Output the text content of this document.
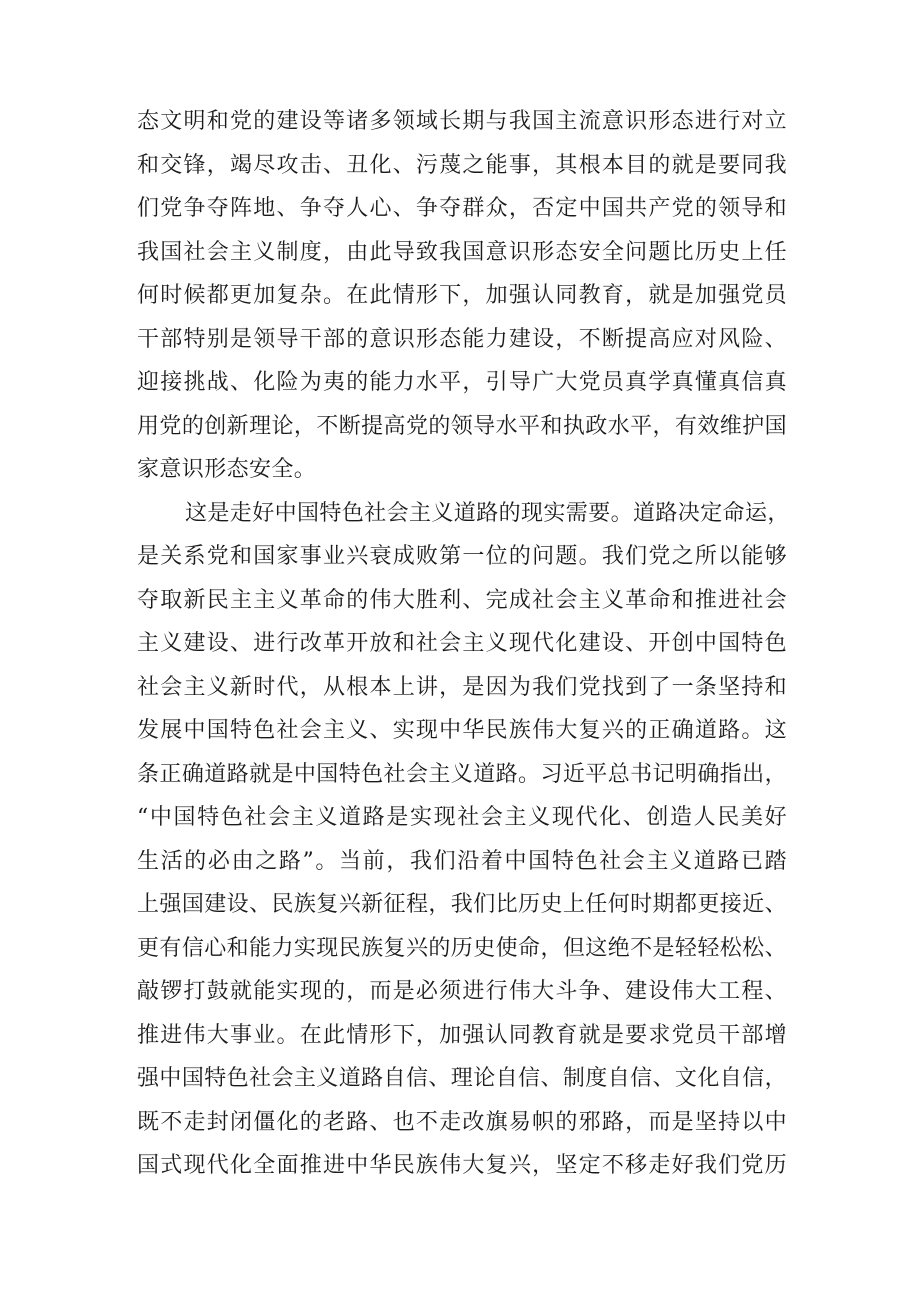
态文明和党的建设等诸多领域长期与我国主流意识形态进行对立
和交锋，竭尽攻击、丑化、污蔑之能事，其根本目的就是要同我
们党争夺阵地、争夺人心、争夺群众，否定中国共产党的领导和
我国社会主义制度，由此导致我国意识形态安全问题比历史上任
何时候都更加复杂。在此情形下，加强认同教育，就是加强党员
干部特别是领导干部的意识形态能力建设，不断提高应对风险、
迎接挑战、化险为夷的能力水平，引导广大党员真学真懂真信真
用党的创新理论，不断提高党的领导水平和执政水平，有效维护国
家意识形态安全。
这是走好中国特色社会主义道路的现实需要。道路决定命运，
是关系党和国家事业兴衰成败第一位的问题。我们党之所以能够
夺取新民主主义革命的伟大胜利、完成社会主义革命和推进社会
主义建设、进行改革开放和社会主义现代化建设、开创中国特色
社会主义新时代，从根本上讲，是因为我们党找到了一条坚持和
发展中国特色社会主义、实现中华民族伟大复兴的正确道路。这
条正确道路就是中国特色社会主义道路。习近平总书记明确指出，
“中国特色社会主义道路是实现社会主义现代化、创造人民美好
生活的必由之路”。当前，我们沿着中国特色社会主义道路已踏
上强国建设、民族复兴新征程，我们比历史上任何时期都更接近、
更有信心和能力实现民族复兴的历史使命，但这绝不是轻轻松松、
敲锣打鼓就能实现的，而是必须进行伟大斗争、建设伟大工程、
推进伟大事业。在此情形下，加强认同教育就是要求党员干部增
强中国特色社会主义道路自信、理论自信、制度自信、文化自信，
既不走封闭僵化的老路、也不走改旗易帜的邪路，而是坚持以中
国式现代化全面推进中华民族伟大复兴，坚定不移走好我们党历
